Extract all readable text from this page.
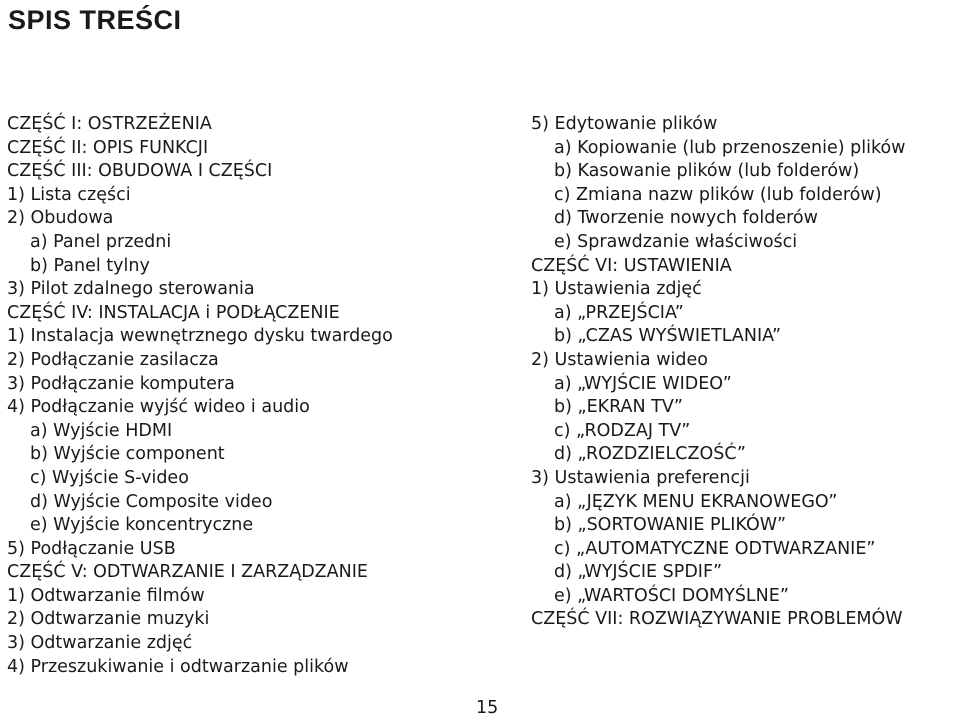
SPIS TREŚCI
CZĘŚĆ I: OSTRZEŻENIA
CZĘŚĆ II: OPIS FUNKCJI
CZĘŚĆ III: OBUDOWA I CZĘŚCI
1) Lista części
2) Obudowa
a) Panel przedni
b) Panel tylny
3) Pilot zdalnego sterowania
CZĘŚĆ IV: INSTALACJA i PODŁĄCZENIE
1) Instalacja wewnętrznego dysku twardego
2) Podłączanie zasilacza
3) Podłączanie komputera
4) Podłączanie wyjść wideo i audio
a) Wyjście HDMI
b) Wyjście component
c) Wyjście S-video
d) Wyjście Composite video
e) Wyjście koncentryczne
5) Podłączanie USB
CZĘŚĆ V: ODTWARZANIE I ZARZĄDZANIE
1) Odtwarzanie filmów
2) Odtwarzanie muzyki
3) Odtwarzanie zdjęć
4) Przeszukiwanie i odtwarzanie plików
5) Edytowanie plików
a) Kopiowanie (lub przenoszenie) plików
b) Kasowanie plików (lub folderów)
c) Zmiana nazw plików (lub folderów)
d) Tworzenie nowych folderów
e) Sprawdzanie właściwości
CZĘŚĆ VI: USTAWIENIA
1) Ustawienia zdjęć
a) „PRZEJŚCIA”
b) „CZAS WYŚWIETLANIA”
2) Ustawienia wideo
a) „WYJŚCIE WIDEO”
b) „EKRAN TV”
c) „RODZAJ TV”
d) „ROZDZIELCZOŚĆ”
3) Ustawienia preferencji
a) „JĘZYK MENU EKRANOWEGO”
b) „SORTOWANIE PLIKÓW”
c) „AUTOMATYCZNE ODTWARZANIE”
d) „WYJŚCIE SPDIF”
e) „WARTOŚCI DOMYŚLNE”
CZĘŚĆ VII: ROZWIĄZYWANIE PROBLEMÓW
15
